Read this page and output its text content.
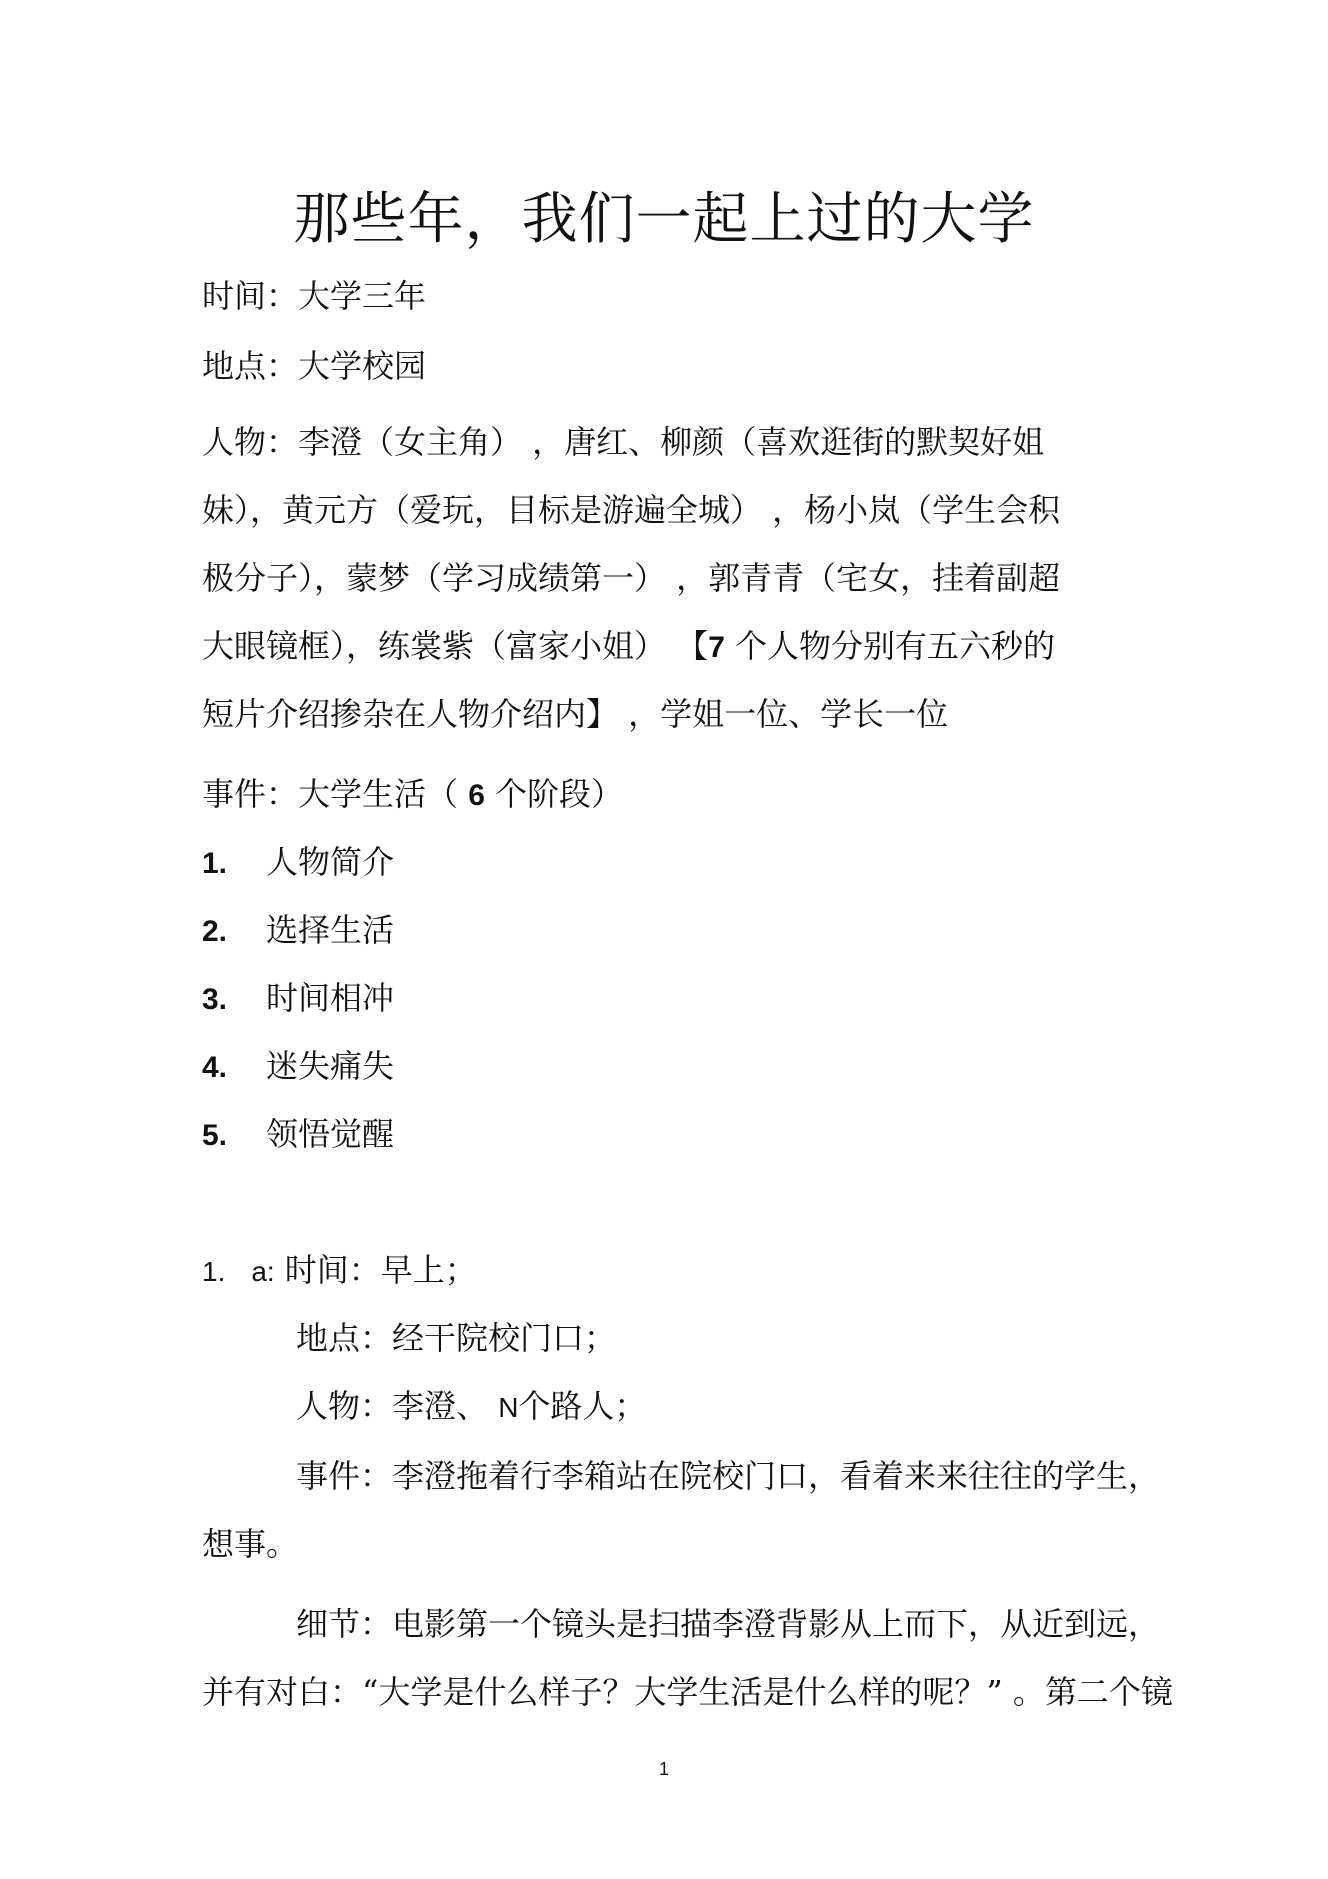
那些年，我们一起上过的大学
时间：大学三年
地点：大学校园
人物：李澄（女主角） ，唐红、柳颜（喜欢逛街的默契好姐
妹），黄元方（爱玩，目标是游遍全城） ，杨小岚（学生会积
极分子），蒙梦（学习成绩第一） ，郭青青（宅女，挂着副超
大眼镜框），练裳紫（富家小姐） 【7 个人物分别有五六秒的
短片介绍掺杂在人物介绍内】 ，学姐一位、学长一位
事件：大学生活（ 6 个阶段）
1. 人物简介
2. 选择生活
3. 时间相冲
4. 迷失痛失
5. 领悟觉醒
1. a: 时间：早上；
地点：经干院校门口；
人物：李澄、 N个路人；
事件：李澄拖着行李箱站在院校门口，看着来来往往的学生，
想事。
细节：电影第一个镜头是扫描李澄背影从上而下，从近到远，
并有对白：“大学是什么样子？大学生活是什么样的呢？” 。第二个镜
1
